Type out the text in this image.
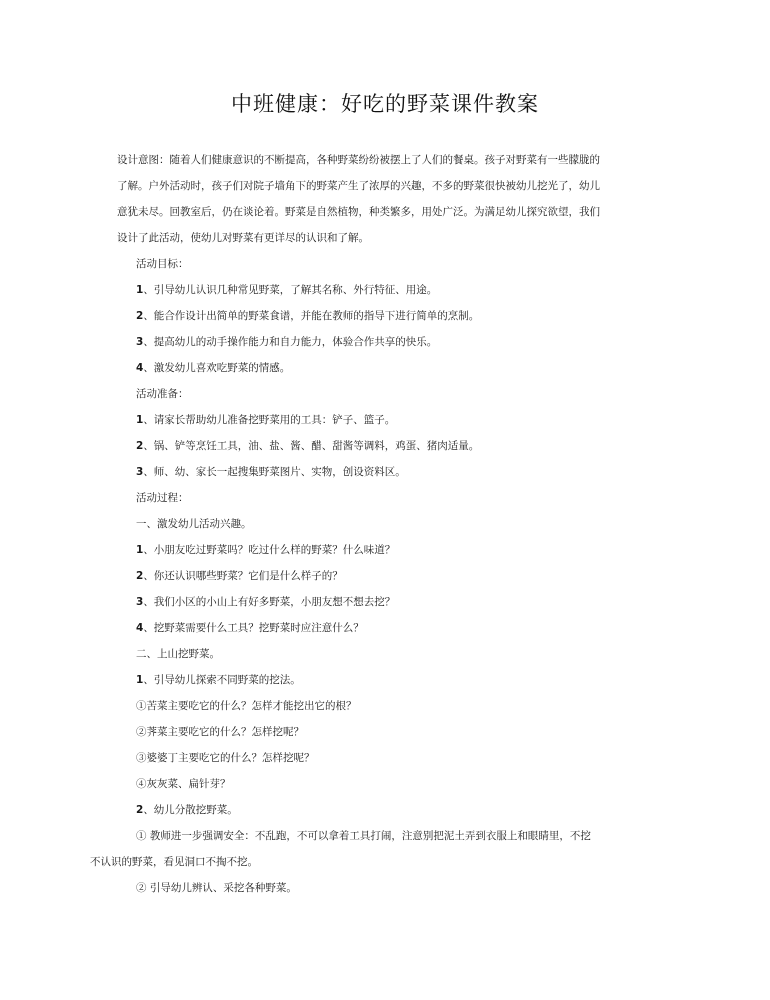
中班健康：好吃的野菜课件教案
设计意图：随着人们健康意识的不断提高，各种野菜纷纷被摆上了人们的餐桌。孩子对野菜有一些朦胧的
了解。户外活动时，孩子们对院子墙角下的野菜产生了浓厚的兴趣，不多的野菜很快被幼儿挖光了，幼儿
意犹未尽。回教室后，仍在谈论着。野菜是自然植物，种类繁多，用处广泛。为满足幼儿探究欲望，我们
设计了此活动，使幼儿对野菜有更详尽的认识和了解。
活动目标：
1、引导幼儿认识几种常见野菜，了解其名称、外行特征、用途。
2、能合作设计出简单的野菜食谱，并能在教师的指导下进行简单的烹制。
3、提高幼儿的动手操作能力和自力能力，体验合作共享的快乐。
4、激发幼儿喜欢吃野菜的情感。
活动准备：
1、请家长帮助幼儿准备挖野菜用的工具：铲子、篮子。
2、锅、铲等烹饪工具，油、盐、酱、醋、甜酱等调料，鸡蛋、猪肉适量。
3、师、幼、家长一起搜集野菜图片、实物，创设资料区。
活动过程：
一、激发幼儿活动兴趣。
1、小朋友吃过野菜吗？吃过什么样的野菜？什么味道？
2、你还认识哪些野菜？它们是什么样子的？
3、我们小区的小山上有好多野菜，小朋友想不想去挖？
4、挖野菜需要什么工具？挖野菜时应注意什么？
二、上山挖野菜。
1、引导幼儿探索不同野菜的挖法。
①苦菜主要吃它的什么？怎样才能挖出它的根？
②荠菜主要吃它的什么？怎样挖呢？
③婆婆丁主要吃它的什么？怎样挖呢？
④灰灰菜、扁针芽？
2、幼儿分散挖野菜。
① 教师进一步强调安全：不乱跑，不可以拿着工具打闹，注意别把泥土弄到衣服上和眼睛里，不挖
不认识的野菜，看见洞口不掏不挖。
② 引导幼儿辨认、采挖各种野菜。
